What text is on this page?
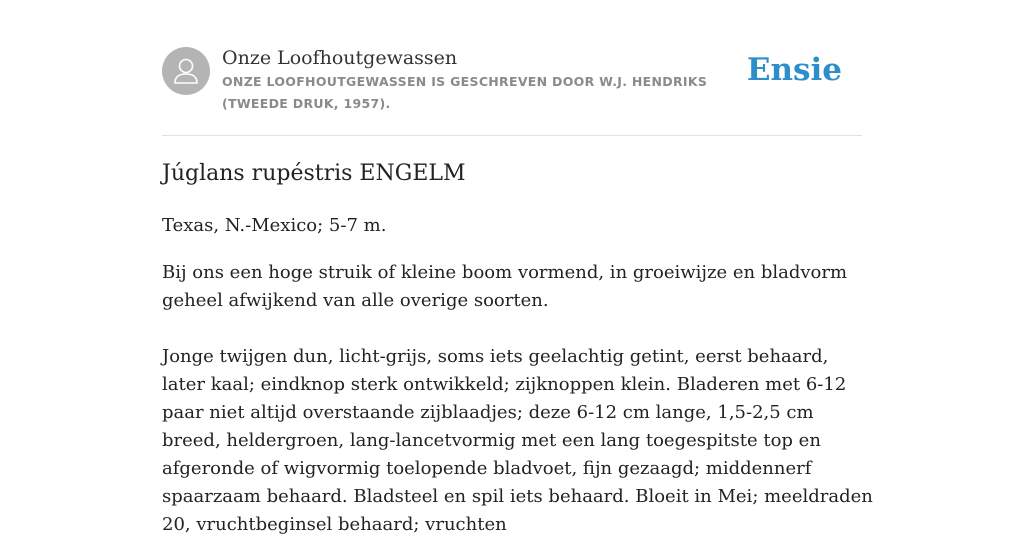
Onze Loofhoutgewassen
ONZE LOOFHOUTGEWASSEN IS GESCHREVEN DOOR W.J. HENDRIKS (TWEEDE DRUK, 1957).
Ensie
Júglans rupéstris ENGELM

Texas, N.-Mexico; 5-7 m.

Bij ons een hoge struik of kleine boom vormend, in groeiwijze en bladvorm geheel afwijkend van alle overige soorten.

Jonge twijgen dun, licht-grijs, soms iets geelachtig getint, eerst behaard, later kaal; eindknop sterk ontwikkeld; zijknoppen klein. Bladeren met 6-12 paar niet altijd overstaande zijblaadjes; deze 6-12 cm lange, 1,5-2,5 cm breed, heldergroen, lang-lancetvormig met een lang toegespitste top en afgeronde of wigvormig toelopende bladvoet, fijn gezaagd; middennerf spaarzaam behaard. Bladsteel en spil iets behaard. Bloeit in Mei; meeldraden 20, vruchtbeginsel behaard; vruchten
